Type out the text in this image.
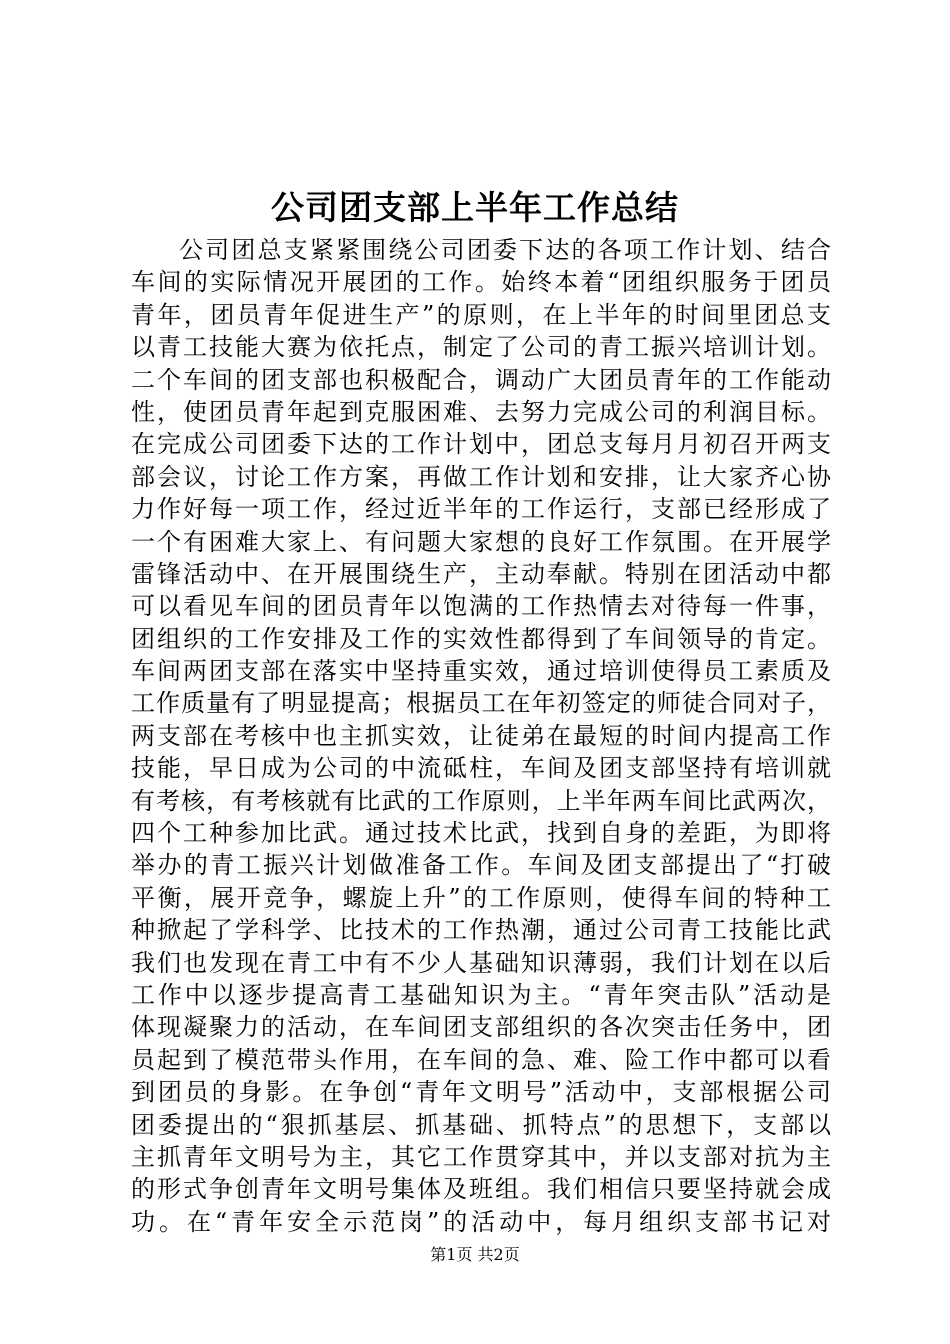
公司团支部上半年工作总结
公司团总支紧紧围绕公司团委下达的各项工作计划、结合
车间的实际情况开展团的工作。始终本着“团组织服务于团员
青年，团员青年促进生产”的原则，在上半年的时间里团总支
以青工技能大赛为依托点，制定了公司的青工振兴培训计划。
二个车间的团支部也积极配合，调动广大团员青年的工作能动
性，使团员青年起到克服困难、去努力完成公司的利润目标。
在完成公司团委下达的工作计划中，团总支每月月初召开两支
部会议，讨论工作方案，再做工作计划和安排，让大家齐心协
力作好每一项工作，经过近半年的工作运行，支部已经形成了
一个有困难大家上、有问题大家想的良好工作氛围。在开展学
雷锋活动中、在开展围绕生产，主动奉献。特别在团活动中都
可以看见车间的团员青年以饱满的工作热情去对待每一件事，
团组织的工作安排及工作的实效性都得到了车间领导的肯定。
车间两团支部在落实中坚持重实效，通过培训使得员工素质及
工作质量有了明显提高；根据员工在年初签定的师徒合同对子，
两支部在考核中也主抓实效，让徒弟在最短的时间内提高工作
技能，早日成为公司的中流砥柱，车间及团支部坚持有培训就
有考核，有考核就有比武的工作原则，上半年两车间比武两次，
四个工种参加比武。通过技术比武，找到自身的差距，为即将
举办的青工振兴计划做准备工作。车间及团支部提出了“打破
平衡，展开竞争，螺旋上升”的工作原则，使得车间的特种工
种掀起了学科学、比技术的工作热潮，通过公司青工技能比武
我们也发现在青工中有不少人基础知识薄弱，我们计划在以后
工作中以逐步提高青工基础知识为主。“青年突击队”活动是
体现凝聚力的活动，在车间团支部组织的各次突击任务中，团
员起到了模范带头作用，在车间的急、难、险工作中都可以看
到团员的身影。在争创“青年文明号”活动中，支部根据公司
团委提出的“狠抓基层、抓基础、抓特点”的思想下，支部以
主抓青年文明号为主，其它工作贯穿其中，并以支部对抗为主
的形式争创青年文明号集体及班组。我们相信只要坚持就会成
功。在“青年安全示范岗”的活动中，每月组织支部书记对
第1页 共2页
